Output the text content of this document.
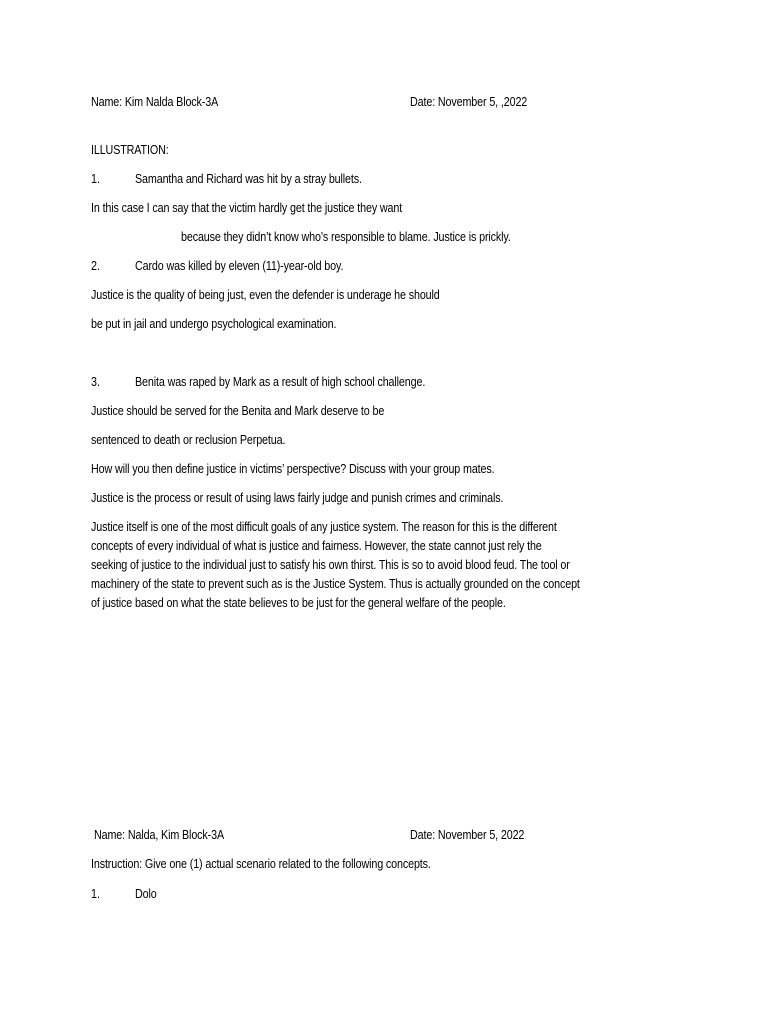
Name: Kim Nalda Block-3A	Date: November 5, ,2022
ILLUSTRATION:
1.	Samantha and Richard was hit by a stray bullets.
In this case I can say that the victim hardly get the justice they want
because they didn’t know who’s responsible to blame. Justice is prickly.
2.	Cardo was killed by eleven (11)-year-old boy.
Justice is the quality of being just, even the defender is underage he should
be put in jail and undergo psychological examination.
3.	Benita was raped by Mark as a result of high school challenge.
Justice should be served for the Benita and Mark deserve to be
sentenced to death or reclusion Perpetua.
How will you then define justice in victims’ perspective? Discuss with your group mates.
Justice is the process or result of using laws fairly judge and punish crimes and criminals.
Justice itself is one of the most difficult goals of any justice system. The reason for this is the different
concepts of every individual of what is justice and fairness. However, the state cannot just rely the
seeking of justice to the individual just to satisfy his own thirst. This is so to avoid blood feud. The tool or
machinery of the state to prevent such as is the Justice System. Thus is actually grounded on the concept
of justice based on what the state believes to be just for the general welfare of the people.
Name: Nalda, Kim Block-3A	Date: November 5, 2022
Instruction: Give one (1) actual scenario related to the following concepts.
1.	Dolo
